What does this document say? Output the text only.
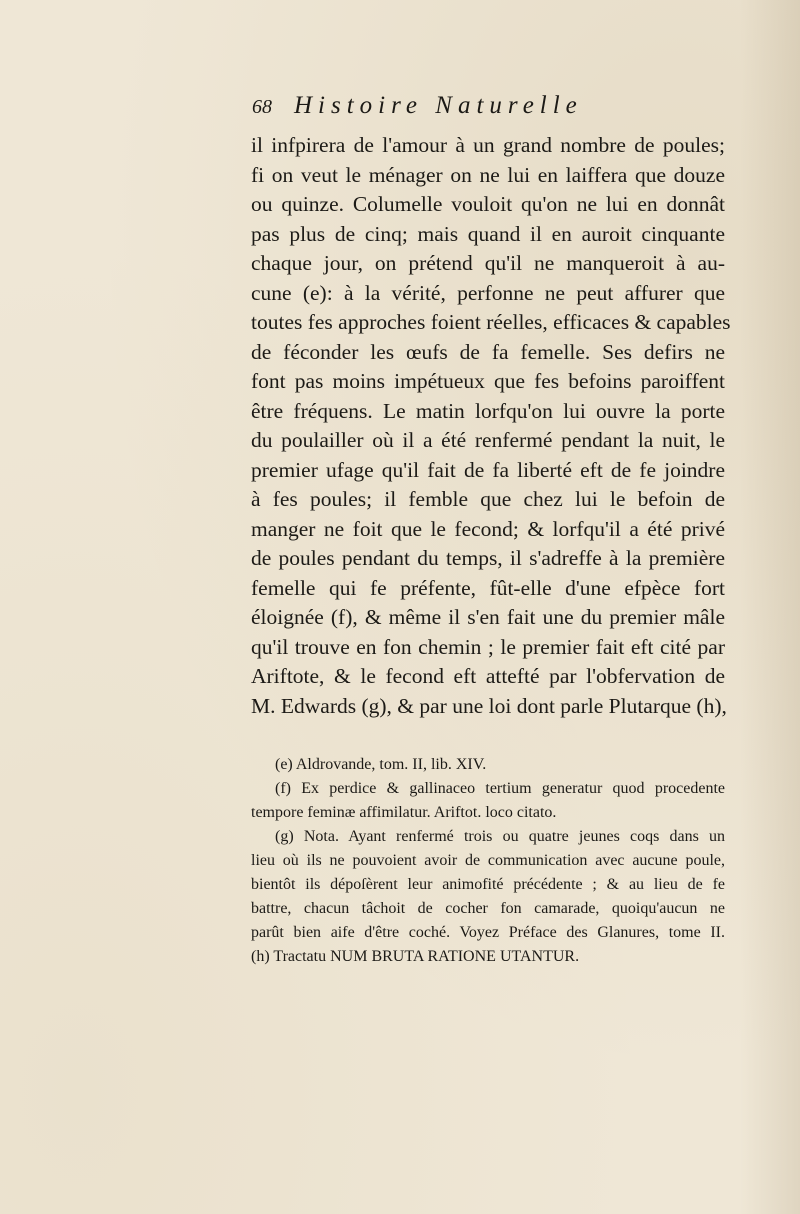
68 Histoire Naturelle
il infpirera de l'amour à un grand nombre de poules;
fi on veut le ménager on ne lui en laiffera que douze
ou quinze. Columelle vouloit qu'on ne lui en donnât
pas plus de cinq; mais quand il en auroit cinquante
chaque jour, on prétend qu'il ne manqueroit à au-
cune (e): à la vérité, perfonne ne peut affurer que
toutes fes approches foient réelles, efficaces & capables
de féconder les œufs de fa femelle. Ses defirs ne
font pas moins impétueux que fes befoins paroiffent
être fréquens. Le matin lorfqu'on lui ouvre la porte
du poulailler où il a été renfermé pendant la nuit, le
premier ufage qu'il fait de fa liberté eft de fe joindre
à fes poules; il femble que chez lui le befoin de
manger ne foit que le fecond; & lorfqu'il a été privé
de poules pendant du temps, il s'adreffe à la première
femelle qui fe préfente, fût-elle d'une efpèce fort
éloignée (f), & même il s'en fait une du premier mâle
qu'il trouve en fon chemin ; le premier fait eft cité par
Ariftote, & le fecond eft attefté par l'obfervation de
M. Edwards (g), & par une loi dont parle Plutarque (h),
(e) Aldrovande, tom. II, lib. XIV.
(f) Ex perdice & gallinaceo tertium generatur quod procedente
tempore feminæ affimilatur. Ariftot. loco citato.
(g) Nota. Ayant renfermé trois ou quatre jeunes coqs dans un
lieu où ils ne pouvoient avoir de communication avec aucune poule,
bientôt ils dépoſèrent leur animofité précédente ; & au lieu de fe
battre, chacun tâchoit de cocher fon camarade, quoiqu'aucun ne
parût bien aife d'être coché. Voyez Préface des Glanures, tome II.
(h) Tractatu NUM BRUTA RATIONE UTANTUR.
